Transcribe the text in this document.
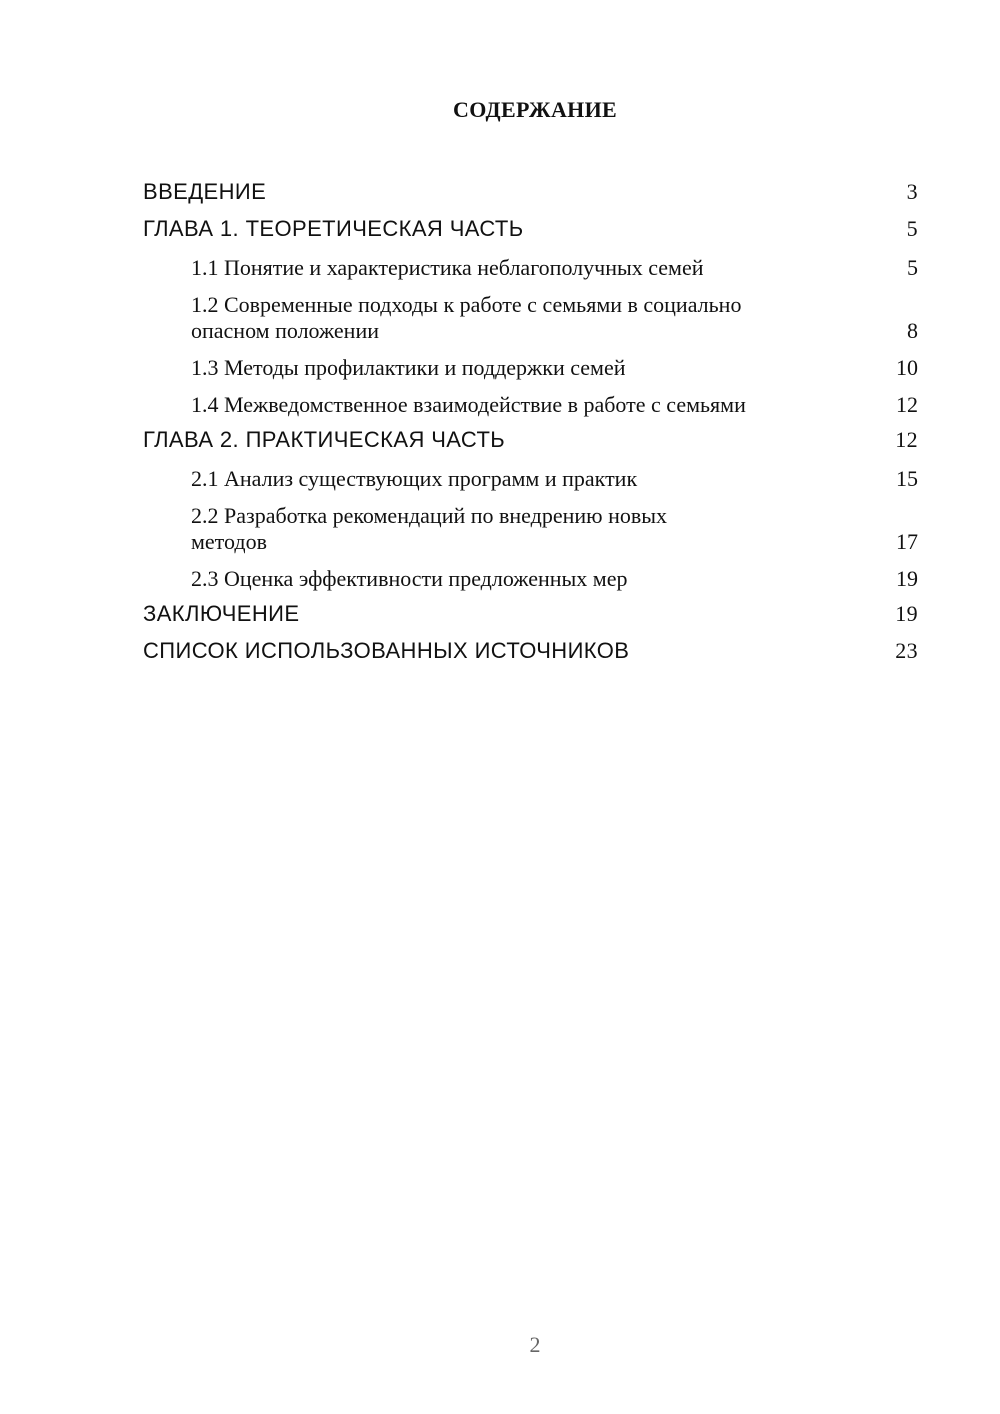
СОДЕРЖАНИЕ
ВВЕДЕНИЕ	3
ГЛАВА 1. ТЕОРЕТИЧЕСКАЯ ЧАСТЬ	5
1.1 Понятие и характеристика неблагополучных семей	5
1.2 Современные подходы к работе с семьями в социально опасном положении	8
1.3 Методы профилактики и поддержки семей	10
1.4 Межведомственное взаимодействие в работе с семьями	12
ГЛАВА 2. ПРАКТИЧЕСКАЯ ЧАСТЬ	12
2.1 Анализ существующих программ и практик	15
2.2 Разработка рекомендаций по внедрению новых методов	17
2.3 Оценка эффективности предложенных мер	19
ЗАКЛЮЧЕНИЕ	19
СПИСОК ИСПОЛЬЗОВАННЫХ ИСТОЧНИКОВ	23
2
